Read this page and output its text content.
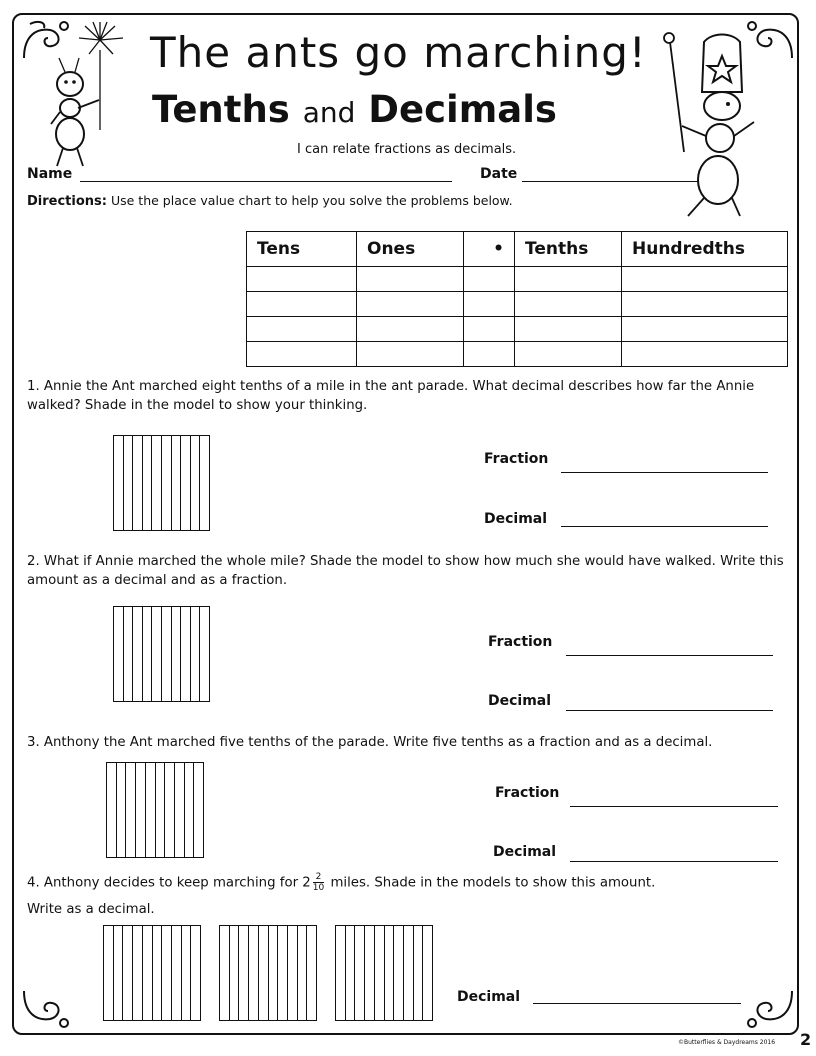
The ants go marching!
Tenths and Decimals
I can relate fractions as decimals.
Name	Date
Directions: Use the place value chart to help you solve the problems below.
Tens	Ones	•	Tenths	Hundredths

1. Annie the Ant marched eight tenths of a mile in the ant parade. What decimal describes how far the Annie walked? Shade in the model to show your thinking.
Fraction
Decimal
2. What if Annie marched the whole mile? Shade the model to show how much she would have walked. Write this amount as a decimal and as a fraction.
Fraction
Decimal
3. Anthony the Ant marched five tenths of the parade. Write five tenths as a fraction and as a decimal.
Fraction
Decimal
4. Anthony decides to keep marching for $2 \frac{2}{10}$ miles. Shade in the models to show this amount.
Write as a decimal.
Decimal
©Butterflies & Daydreams 2016 2
